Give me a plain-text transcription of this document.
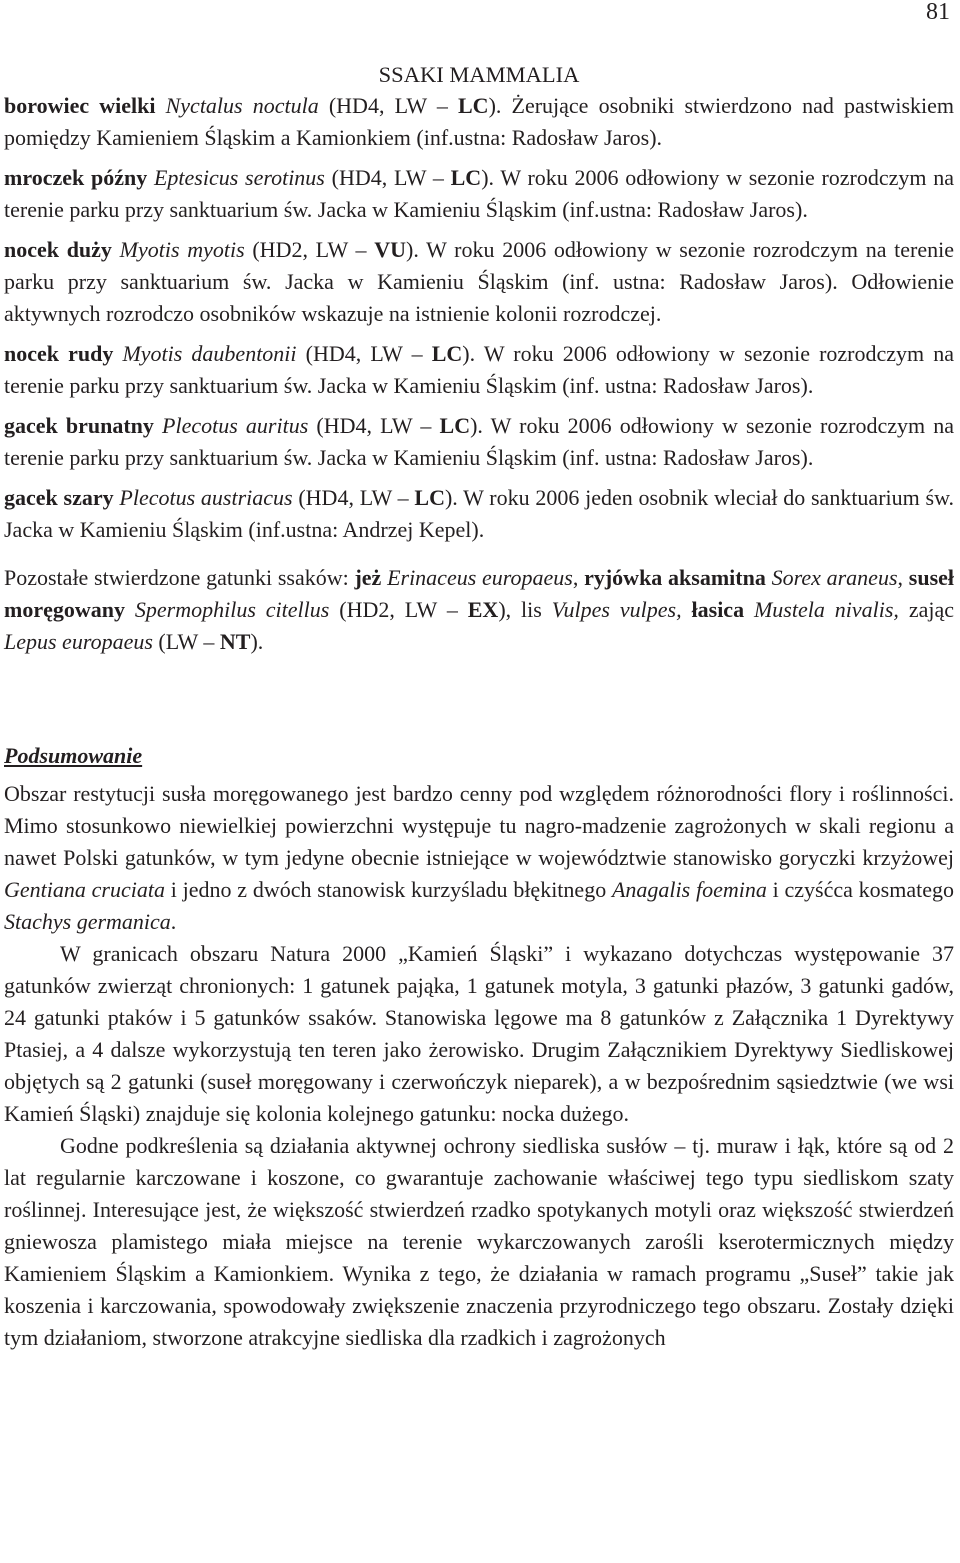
81
SSAKI MAMMALIA

borowiec wielki Nyctalus noctula (HD4, LW – LC). Żerujące osobniki stwierdzono nad pastwiskiem pomiędzy Kamieniem Śląskim a Kamionkiem (inf.ustna: Radosław Jaros).

mroczek późny Eptesicus serotinus (HD4, LW – LC). W roku 2006 odłowiony w sezonie rozrodczym na terenie parku przy sanktuarium św. Jacka w Kamieniu Śląskim (inf.ustna: Radosław Jaros).

nocek duży Myotis myotis (HD2, LW – VU). W roku 2006 odłowiony w sezonie rozrodczym na terenie parku przy sanktuarium św. Jacka w Kamieniu Śląskim (inf. ustna: Radosław Jaros). Odłowienie aktywnych rozrodczo osobników wskazuje na istnienie kolonii rozrodczej.

nocek rudy Myotis daubentonii (HD4, LW – LC). W roku 2006 odłowiony w sezonie rozrodczym na terenie parku przy sanktuarium św. Jacka w Kamieniu Śląskim (inf. ustna: Radosław Jaros).

gacek brunatny Plecotus auritus (HD4, LW – LC). W roku 2006 odłowiony w sezonie rozrodczym na terenie parku przy sanktuarium św. Jacka w Kamieniu Śląskim (inf. ustna: Radosław Jaros).

gacek szary Plecotus austriacus (HD4, LW – LC). W roku 2006 jeden osobnik wleciał do sanktuarium św. Jacka w Kamieniu Śląskim (inf.ustna: Andrzej Kepel).

Pozostałe stwierdzone gatunki ssaków: jeż Erinaceus europaeus, ryjówka aksamitna Sorex araneus, suseł moręgowany Spermophilus citellus (HD2, LW – EX), lis Vulpes vulpes, łasica Mustela nivalis, zając Lepus europaeus (LW – NT).

Podsumowanie

Obszar restytucji susła moręgowanego jest bardzo cenny pod względem różnorodności flory i roślinności. Mimo stosunkowo niewielkiej powierzchni występuje tu nagro-madzenie zagrożonych w skali regionu a nawet Polski gatunków, w tym jedyne obecnie istniejące w województwie stanowisko goryczki krzyżowej Gentiana cruciata i jedno z dwóch stanowisk kurzyśladu błękitnego Anagalis foemina i czyśćca kosmatego Stachys germanica.

W granicach obszaru Natura 2000 „Kamień Śląski” i wykazano dotychczas występowanie 37 gatunków zwierząt chronionych: 1 gatunek pająka, 1 gatunek motyla, 3 gatunki płazów, 3 gatunki gadów, 24 gatunki ptaków i 5 gatunków ssaków. Stanowiska lęgowe ma 8 gatunków z Załącznika 1 Dyrektywy Ptasiej, a 4 dalsze wykorzystują ten teren jako żerowisko. Drugim Załącznikiem Dyrektywy Siedliskowej objętych są 2 gatunki (suseł moręgowany i czerwończyk nieparek), a w bezpośrednim sąsiedztwie (we wsi Kamień Śląski) znajduje się kolonia kolejnego gatunku: nocka dużego.

Godne podkreślenia są działania aktywnej ochrony siedliska susłów – tj. muraw i łąk, które są od 2 lat regularnie karczowane i koszone, co gwarantuje zachowanie właściwej tego typu siedliskom szaty roślinnej. Interesujące jest, że większość stwierdzeń rzadko spotykanych motyli oraz większość stwierdzeń gniewosza plamistego miała miejsce na terenie wykarczowanych zarośli kserotermicznych między Kamieniem Śląskim a Kamionkiem. Wynika z tego, że działania w ramach programu „Suseł” takie jak koszenia i karczowania, spowodowały zwiększenie znaczenia przyrodniczego tego obszaru. Zostały dzięki tym działaniom, stworzone atrakcyjne siedliska dla rzadkich i zagrożonych
